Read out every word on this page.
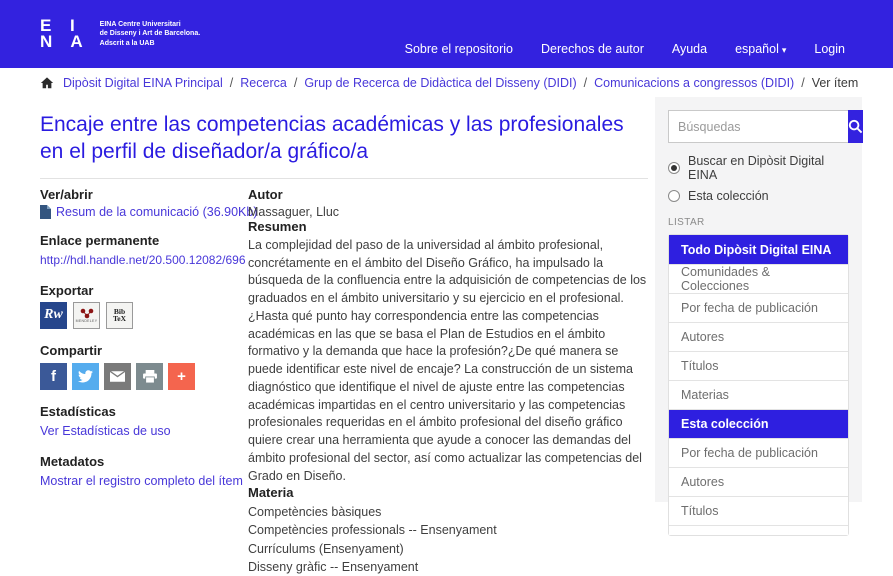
E I
N A
EINA Centre Universitari
de Disseny i Art de Barcelona.
Adscrit a la UAB	Sobre el repositorio Derechos de autor Ayuda español ▾ Login
Dipòsit Digital EINA Principal / Recerca / Grup de Recerca de Didàctica del Disseny (DIDI) / Comunicacions a congressos (DIDI) / Ver ítem
Encaje entre las competencias académicas y las profesionales en el perfil de diseñador/a gráfico/a
Ver/abrir
Resum de la comunicació (36.90Kb)
Enlace permanente
http://hdl.handle.net/20.500.12082/696
Exportar
Rw	MENDELEY
Bib
TeX
Compartir
f	+
Estadísticas
Ver Estadísticas de uso
Metadatos
Mostrar el registro completo del ítem
Autor
Massaguer, Lluc
Resumen
La complejidad del paso de la universidad al ámbito profesional, concrétamente en el ámbito del Diseño Gráfico, ha impulsado la búsqueda de la confluencia entre la adquisición de competencias de los graduados en el ámbito universitario y su ejercicio en el profesional. ¿Hasta qué punto hay correspondencia entre las competencias académicas en las que se basa el Plan de Estudios en el ámbito formativo y la demanda que hace la profesión?¿De qué manera se puede identificar este nivel de encaje? La construcción de un sistema diagnóstico que identifique el nivel de ajuste entre las competencias académicas impartidas en el centro universitario y las competencias profesionales requeridas en el ámbito profesional del diseño gráfico quiere crear una herramienta que ayude a conocer las demandas del ámbito profesional del sector, así como actualizar las competencias del Grado en Diseño.
Materia
Competències bàsiques
Competències professionals -- Ensenyament
Currículums (Ensenyament)
Disseny gràfic -- Ensenyament
Búsquedas
Buscar en Dipòsit Digital EINA
Esta colección
LISTAR
Todo Dipòsit Digital EINA
Comunidades & Colecciones
Por fecha de publicación
Autores
Títulos
Materias
Esta colección
Por fecha de publicación
Autores
Títulos
